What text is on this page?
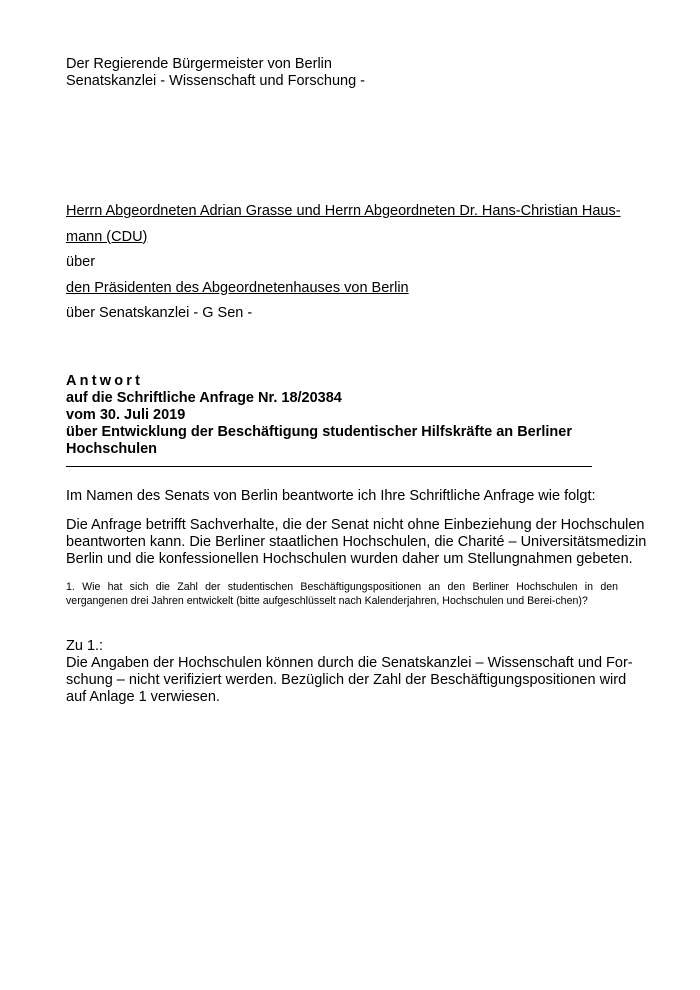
Der Regierende Bürgermeister von Berlin
Senatskanzlei - Wissenschaft und Forschung -
Herrn Abgeordneten Adrian Grasse und Herrn Abgeordneten Dr. Hans-Christian Haus-
mann (CDU)
über
den Präsidenten des Abgeordnetenhauses von Berlin
über Senatskanzlei - G Sen -
Antwort
auf die Schriftliche Anfrage Nr. 18/20384
vom 30. Juli 2019
über Entwicklung der Beschäftigung studentischer Hilfskräfte an Berliner
Hochschulen
Im Namen des Senats von Berlin beantworte ich Ihre Schriftliche Anfrage wie folgt:
Die Anfrage betrifft Sachverhalte, die der Senat nicht ohne Einbeziehung der Hochschulen
beantworten kann. Die Berliner staatlichen Hochschulen, die Charité – Universitätsmedizin
Berlin und die konfessionellen Hochschulen wurden daher um Stellungnahmen gebeten.
1. Wie hat sich die Zahl der studentischen Beschäftigungspositionen an den Berliner Hochschulen in den vergangenen drei Jahren entwickelt (bitte aufgeschlüsselt nach Kalenderjahren, Hochschulen und Berei-chen)?
Zu 1.:
Die Angaben der Hochschulen können durch die Senatskanzlei – Wissenschaft und For-
schung – nicht verifiziert werden. Bezüglich der Zahl der Beschäftigungspositionen wird
auf Anlage 1 verwiesen.
